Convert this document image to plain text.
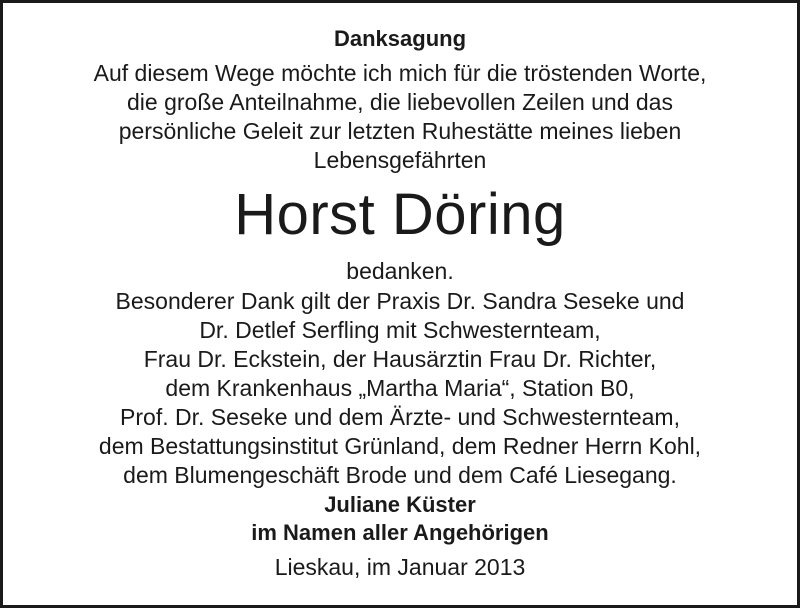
Danksagung
Auf diesem Wege möchte ich mich für die tröstenden Worte,
die große Anteilnahme, die liebevollen Zeilen und das
persönliche Geleit zur letzten Ruhestätte meines lieben
Lebensgefährten
Horst Döring
bedanken.
Besonderer Dank gilt der Praxis Dr. Sandra Seseke und
Dr. Detlef Serfling mit Schwesternteam,
Frau Dr. Eckstein, der Hausärztin Frau Dr. Richter,
dem Krankenhaus „Martha Maria“, Station B0,
Prof. Dr. Seseke und dem Ärzte- und Schwesternteam,
dem Bestattungsinstitut Grünland, dem Redner Herrn Kohl,
dem Blumengeschäft Brode und dem Café Liesegang.
Juliane Küster
im Namen aller Angehörigen
Lieskau, im Januar 2013
